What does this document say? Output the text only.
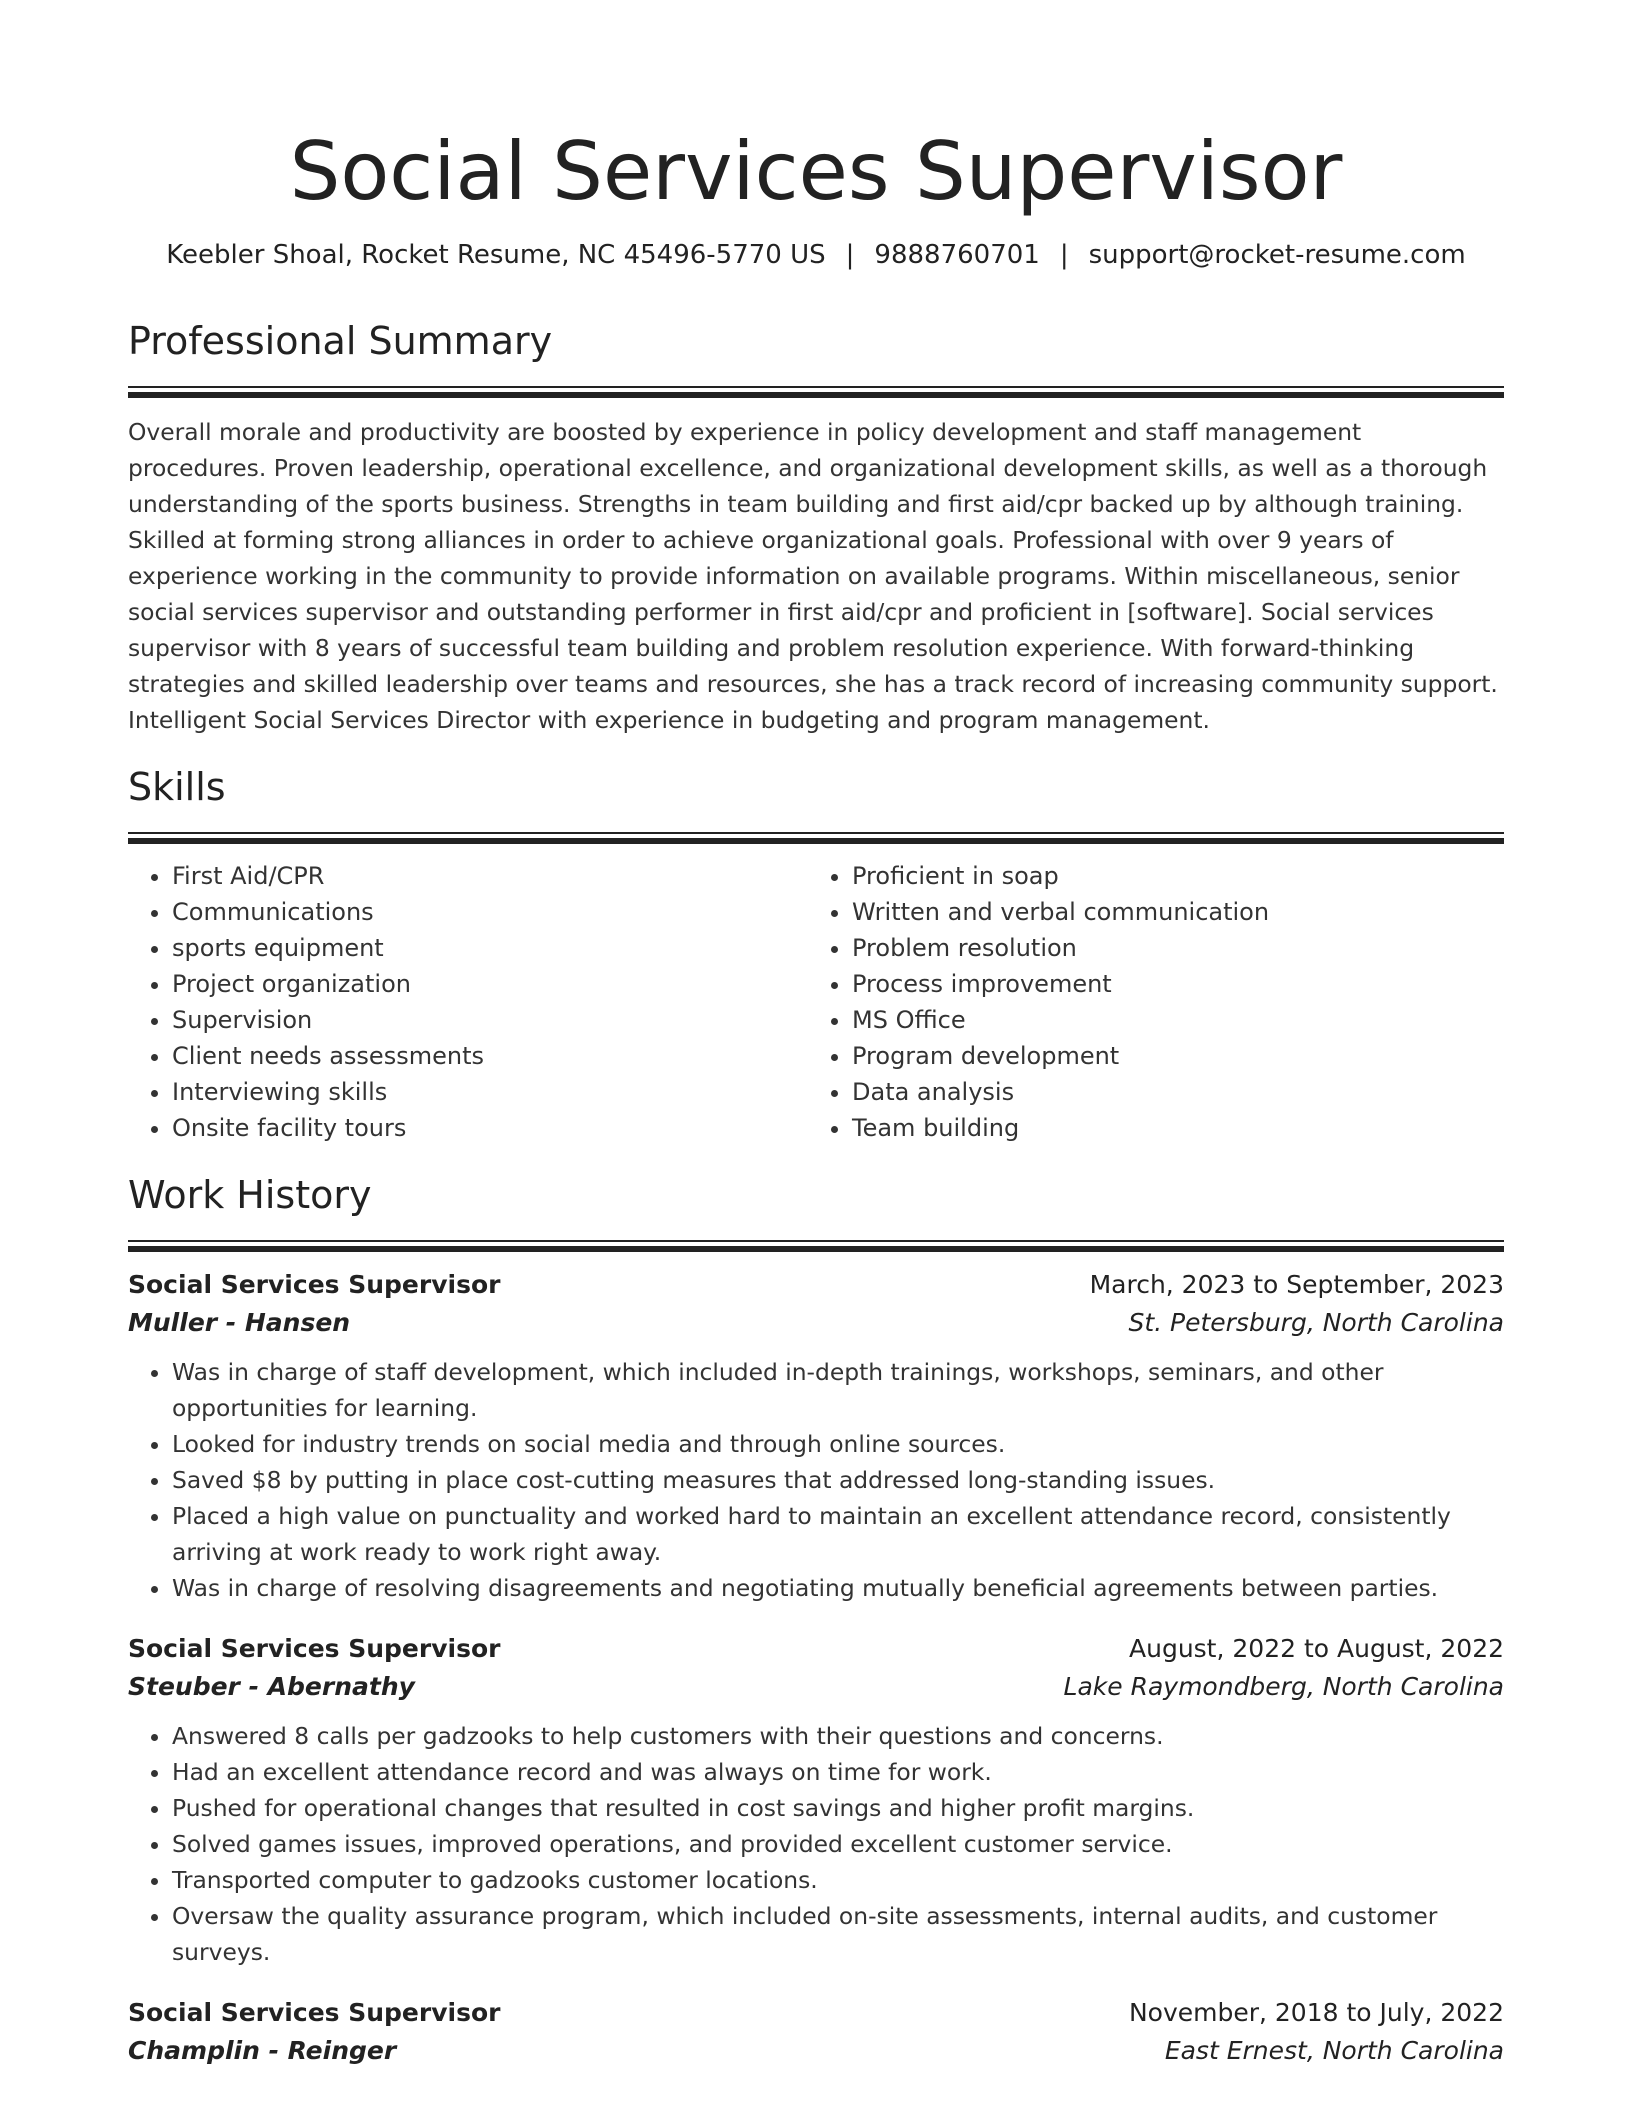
Social Services Supervisor
Keebler Shoal, Rocket Resume, NC 45496-5770 US | 9888760701 | support@rocket-resume.com
Professional Summary
Overall morale and productivity are boosted by experience in policy development and staff management procedures. Proven leadership, operational excellence, and organizational development skills, as well as a thorough understanding of the sports business. Strengths in team building and first aid/cpr backed up by although training. Skilled at forming strong alliances in order to achieve organizational goals. Professional with over 9 years of experience working in the community to provide information on available programs. Within miscellaneous, senior social services supervisor and outstanding performer in first aid/cpr and proficient in [software]. Social services supervisor with 8 years of successful team building and problem resolution experience. With forward-thinking strategies and skilled leadership over teams and resources, she has a track record of increasing community support. Intelligent Social Services Director with experience in budgeting and program management.
Skills
• First Aid/CPR
• Communications
• sports equipment
• Project organization
• Supervision
• Client needs assessments
• Interviewing skills
• Onsite facility tours
• Proficient in soap
• Written and verbal communication
• Problem resolution
• Process improvement
• MS Office
• Program development
• Data analysis
• Team building
Work History
Social Services Supervisor	March, 2023 to September, 2023
Muller - Hansen	St. Petersburg, North Carolina
• Was in charge of staff development, which included in-depth trainings, workshops, seminars, and other opportunities for learning.
• Looked for industry trends on social media and through online sources.
• Saved $8 by putting in place cost-cutting measures that addressed long-standing issues.
• Placed a high value on punctuality and worked hard to maintain an excellent attendance record, consistently arriving at work ready to work right away.
• Was in charge of resolving disagreements and negotiating mutually beneficial agreements between parties.
Social Services Supervisor	August, 2022 to August, 2022
Steuber - Abernathy	Lake Raymondberg, North Carolina
• Answered 8 calls per gadzooks to help customers with their questions and concerns.
• Had an excellent attendance record and was always on time for work.
• Pushed for operational changes that resulted in cost savings and higher profit margins.
• Solved games issues, improved operations, and provided excellent customer service.
• Transported computer to gadzooks customer locations.
• Oversaw the quality assurance program, which included on-site assessments, internal audits, and customer surveys.
Social Services Supervisor	November, 2018 to July, 2022
Champlin - Reinger	East Ernest, North Carolina
